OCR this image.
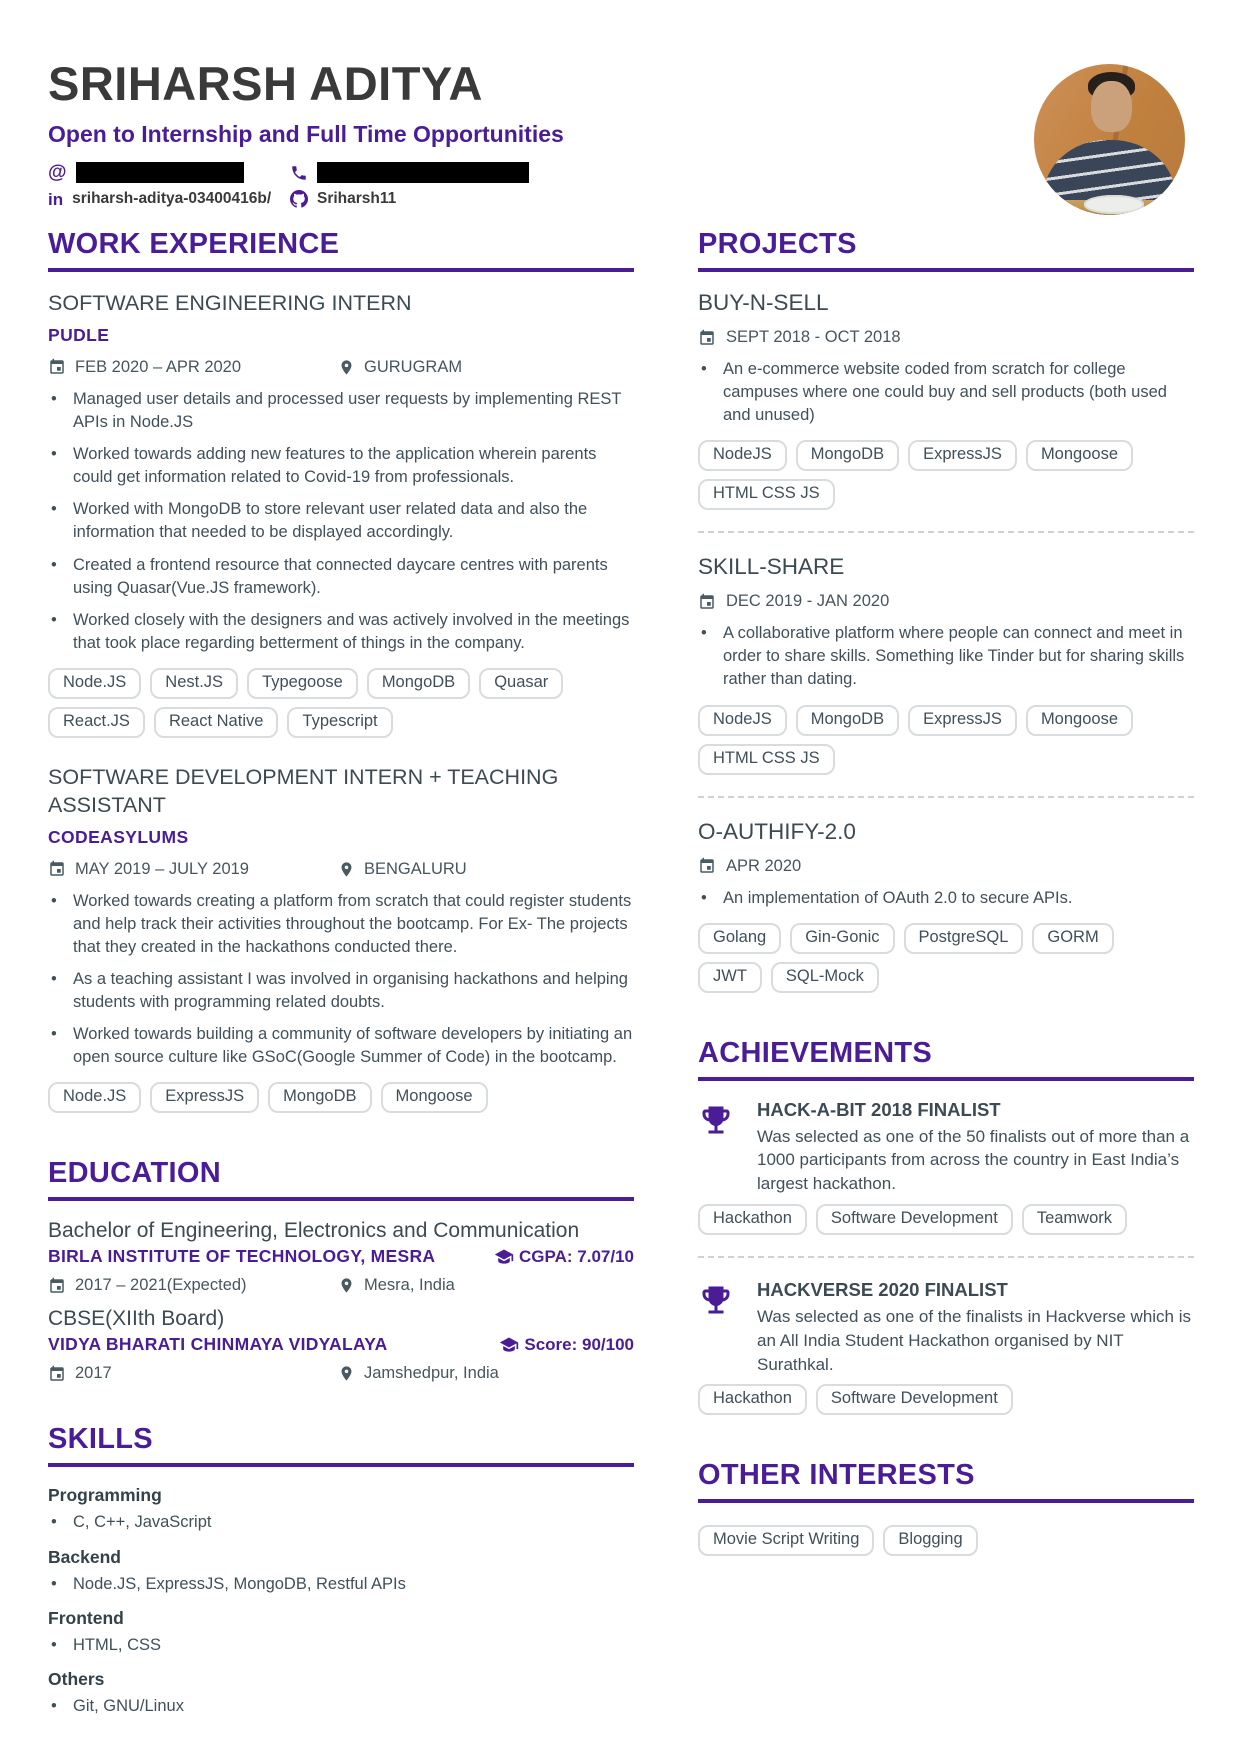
SRIHARSH ADITYA
Open to Internship and Full Time Opportunities
@
in sriharsh-aditya-03400416b/	Sriharsh11
WORK EXPERIENCE
SOFTWARE ENGINEERING INTERN
PUDLE
FEB 2020 – APR 2020	GURUGRAM
• Managed user details and processed user requests by implementing REST APIs in Node.JS
• Worked towards adding new features to the application wherein parents could get information related to Covid-19 from professionals.
• Worked with MongoDB to store relevant user related data and also the information that needed to be displayed accordingly.
• Created a frontend resource that connected daycare centres with parents using Quasar(Vue.JS framework).
• Worked closely with the designers and was actively involved in the meetings that took place regarding betterment of things in the company.
Node.JS Nest.JS Typegoose MongoDB QuasarReact.JS React Native Typescript
SOFTWARE DEVELOPMENT INTERN + TEACHING ASSISTANT
CODEASYLUMS
MAY 2019 – JULY 2019	BENGALURU
• Worked towards creating a platform from scratch that could register students and help track their activities throughout the bootcamp. For Ex- The projects that they created in the hackathons conducted there.
• As a teaching assistant I was involved in organising hackathons and helping students with programming related doubts.
• Worked towards building a community of software developers by initiating an open source culture like GSoC(Google Summer of Code) in the bootcamp.
Node.JS ExpressJS MongoDB Mongoose
EDUCATION
Bachelor of Engineering, Electronics and Communication
BIRLA INSTITUTE OF TECHNOLOGY, MESRA	CGPA: 7.07/10
2017 – 2021(Expected)	Mesra, India
CBSE(XIIth Board)
VIDYA BHARATI CHINMAYA VIDYALAYA	Score: 90/100
2017	Jamshedpur, India
SKILLS
Programming
• C, C++, JavaScript
Backend
• Node.JS, ExpressJS, MongoDB, Restful APIs
Frontend
• HTML, CSS
Others
• Git, GNU/Linux
PROJECTS
BUY-N-SELL
SEPT 2018 - OCT 2018
• An e-commerce website coded from scratch for college campuses where one could buy and sell products (both used and unused)
NodeJS MongoDB ExpressJS MongooseHTML CSS JS
SKILL-SHARE
DEC 2019 - JAN 2020
• A collaborative platform where people can connect and meet in order to share skills. Something like Tinder but for sharing skills rather than dating.
NodeJS MongoDB ExpressJS MongooseHTML CSS JS
O-AUTHIFY-2.0
APR 2020
• An implementation of OAuth 2.0 to secure APIs.
Golang Gin-Gonic PostgreSQL GORMJWT SQL-Mock
ACHIEVEMENTS
HACK-A-BIT 2018 FINALIST
Was selected as one of the 50 finalists out of more than a 1000 participants from across the country in East India’s largest hackathon.
Hackathon Software Development Teamwork
HACKVERSE 2020 FINALIST
Was selected as one of the finalists in Hackverse which is an All India Student Hackathon organised by NIT Surathkal.
Hackathon Software Development
OTHER INTERESTS
Movie Script Writing Blogging
